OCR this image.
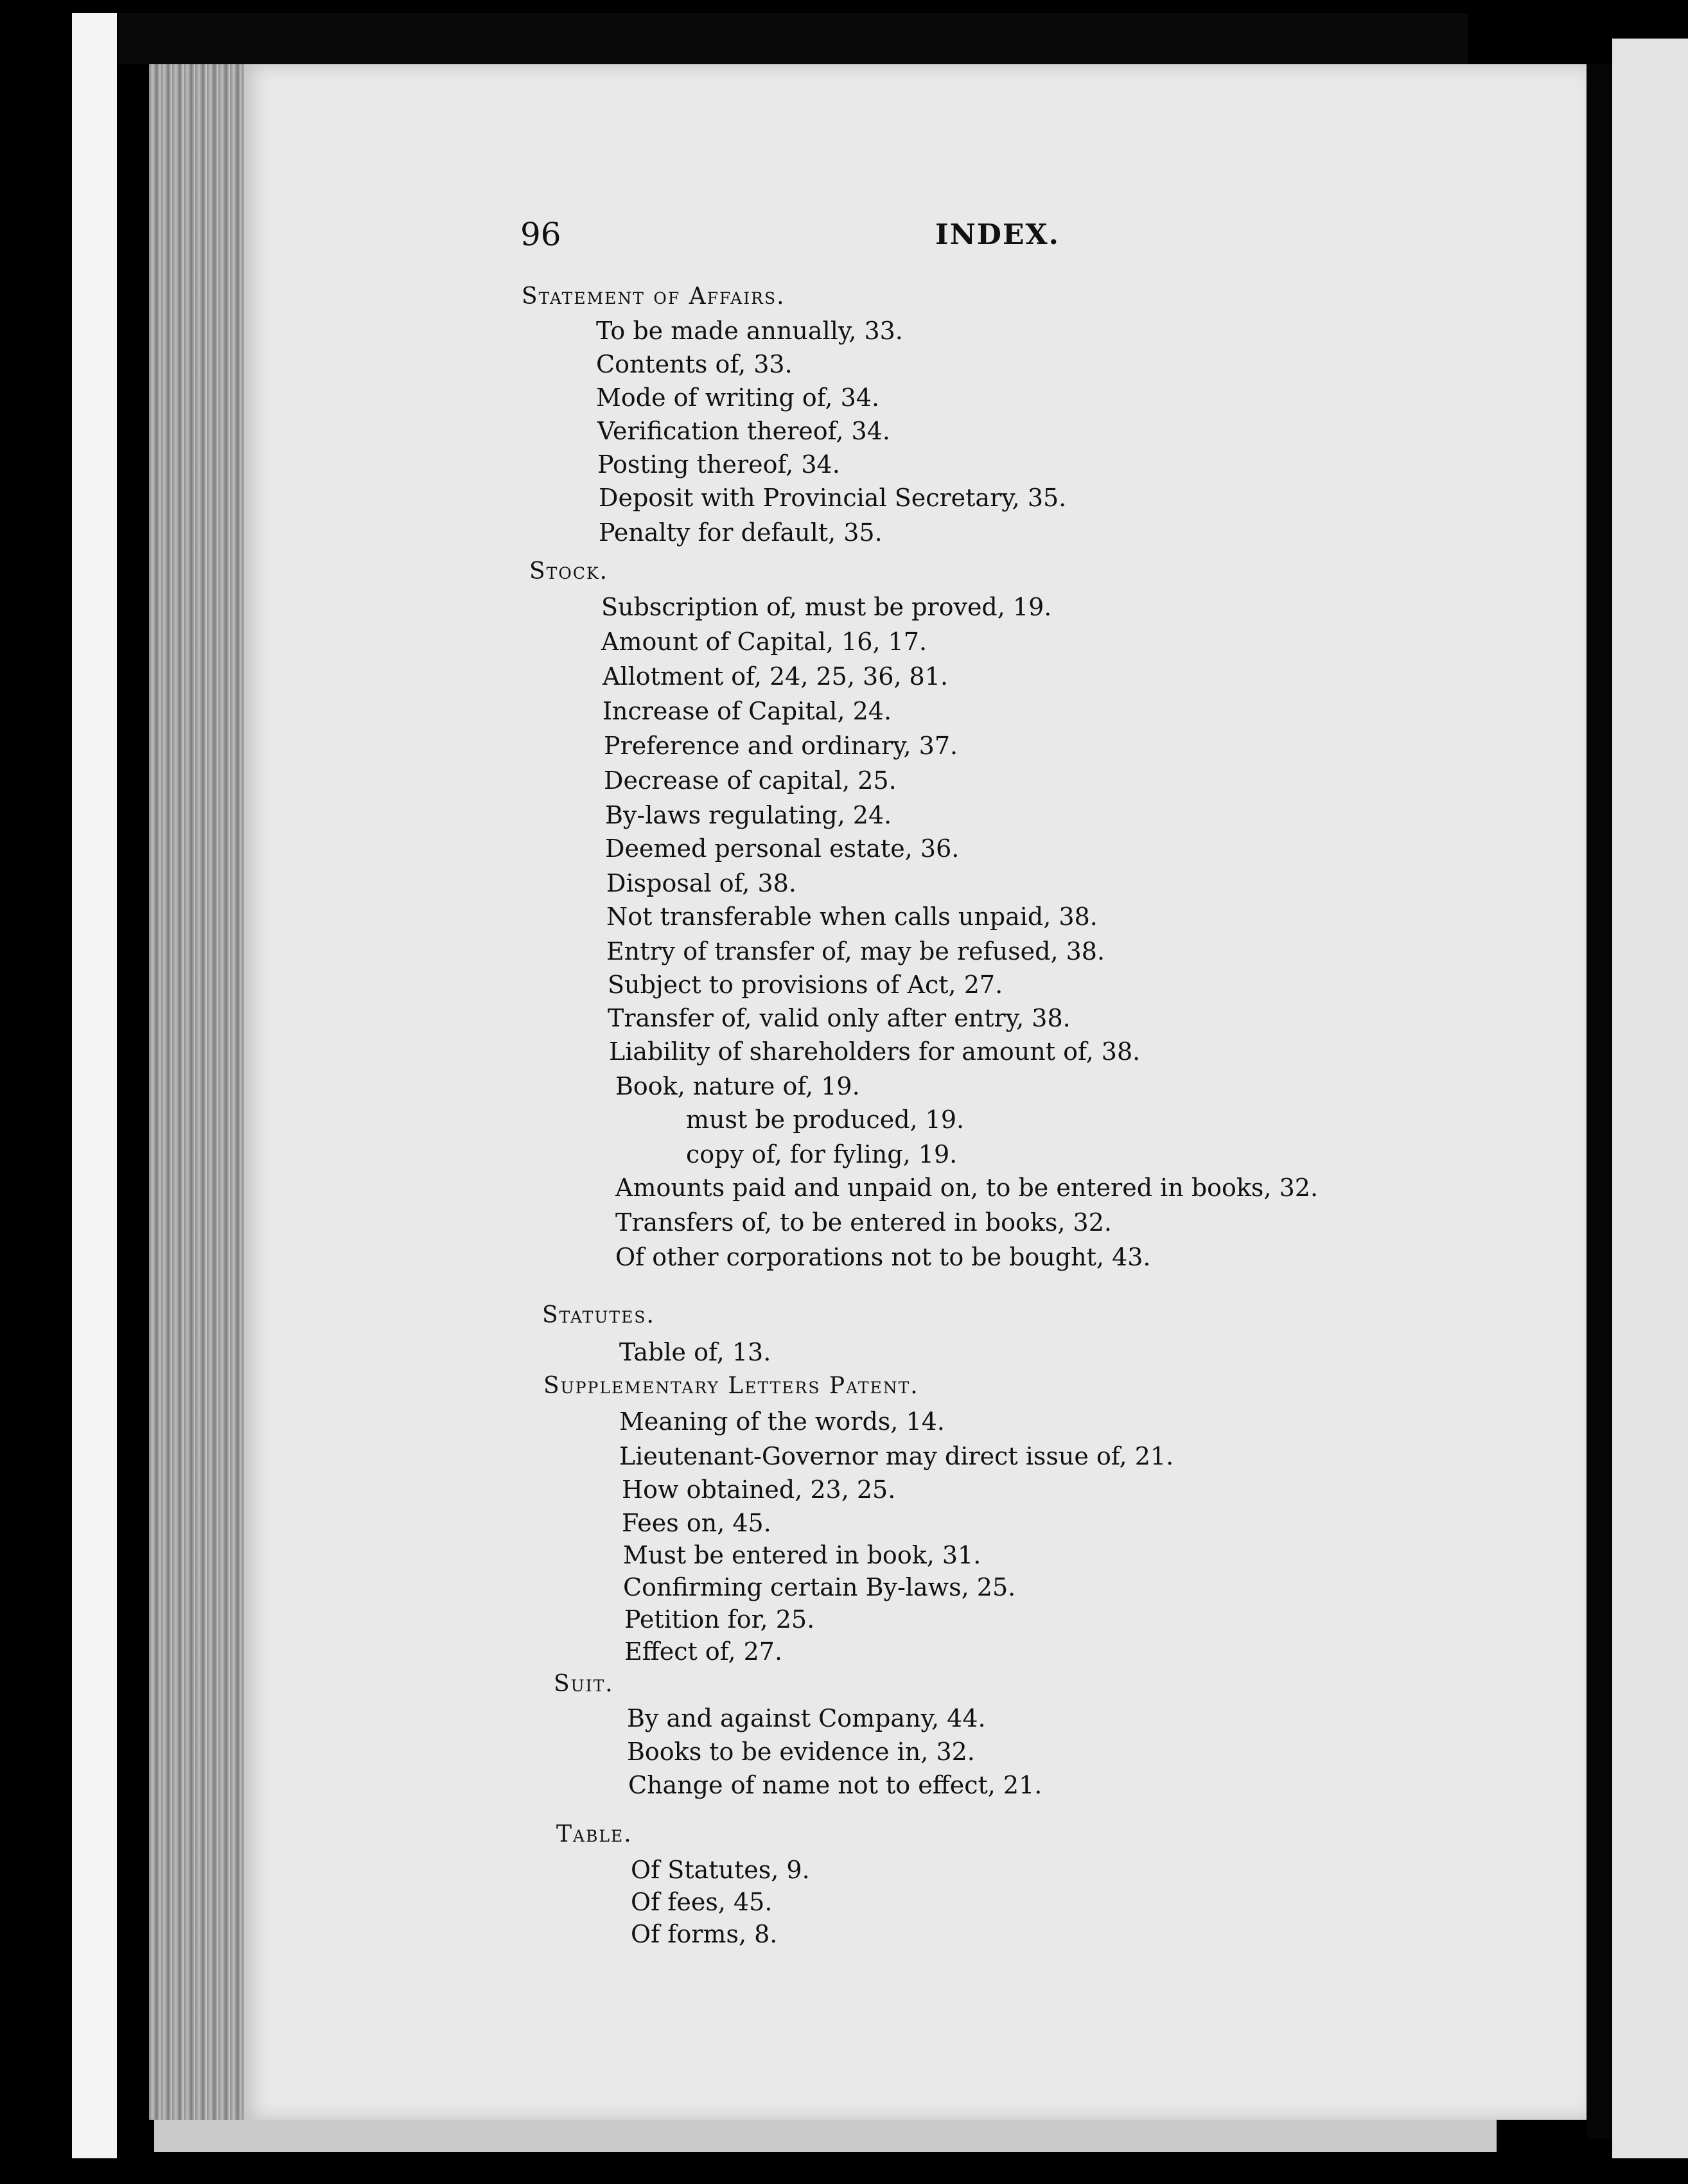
96	INDEX.
Statement of Affairs.
To be made annually, 33.
Contents of, 33.
Mode of writing of, 34.
Verification thereof, 34.
Posting thereof, 34.
Deposit with Provincial Secretary, 35.
Penalty for default, 35.
Stock.
Subscription of, must be proved, 19.
Amount of Capital, 16, 17.
Allotment of, 24, 25, 36, 81.
Increase of Capital, 24.
Preference and ordinary, 37.
Decrease of capital, 25.
By-laws regulating, 24.
Deemed personal estate, 36.
Disposal of, 38.
Not transferable when calls unpaid, 38.
Entry of transfer of, may be refused, 38.
Subject to provisions of Act, 27.
Transfer of, valid only after entry, 38.
Liability of shareholders for amount of, 38.
Book, nature of, 19.
must be produced, 19.
copy of, for fyling, 19.
Amounts paid and unpaid on, to be entered in books, 32.
Transfers of, to be entered in books, 32.
Of other corporations not to be bought, 43.
Statutes.
Table of, 13.
Supplementary Letters Patent.
Meaning of the words, 14.
Lieutenant-Governor may direct issue of, 21.
How obtained, 23, 25.
Fees on, 45.
Must be entered in book, 31.
Confirming certain By-laws, 25.
Petition for, 25.
Effect of, 27.
Suit.
By and against Company, 44.
Books to be evidence in, 32.
Change of name not to effect, 21.
Table.
Of Statutes, 9.
Of fees, 45.
Of forms, 8.
